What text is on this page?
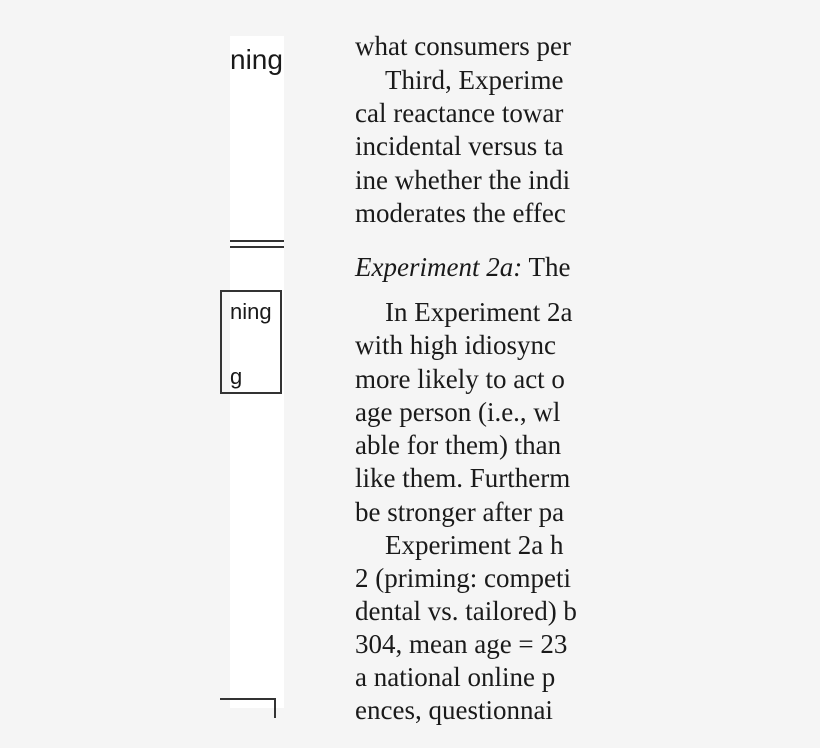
ning
ning
g
what consumers per
Third, Experime
cal reactance towar
incidental versus ta
ine whether the indi
moderates the effec
Experiment 2a: The
In Experiment 2a
with high idiosync
more likely to act o
age person (i.e., wl
able for them) than
like them. Furtherm
be stronger after pa
Experiment 2a h
2 (priming: competi
dental vs. tailored) b
304, mean age = 23
a national online p
ences, questionnai
